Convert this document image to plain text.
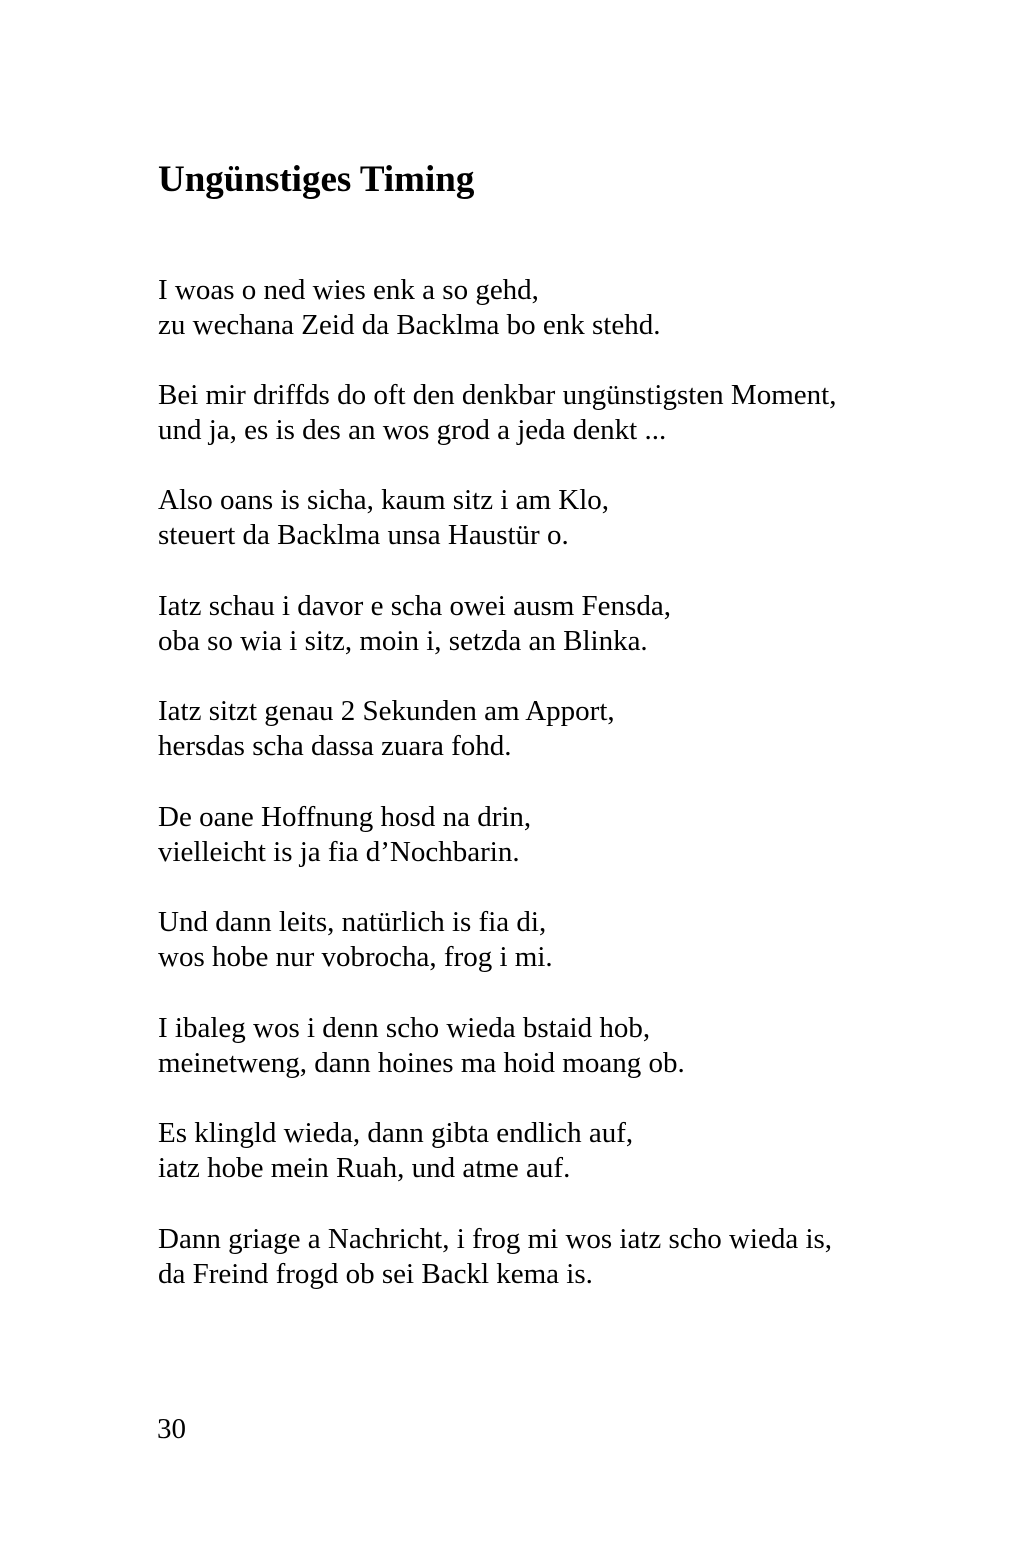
Ungünstiges Timing

I woas o ned wies enk a so gehd,
zu wechana Zeid da Backlma bo enk stehd.

Bei mir driffds do oft den denkbar ungünstigsten Moment,
und ja, es is des an wos grod a jeda denkt ...

Also oans is sicha, kaum sitz i am Klo,
steuert da Backlma unsa Haustür o.

Iatz schau i davor e scha owei ausm Fensda,
oba so wia i sitz, moin i, setzda an Blinka.

Iatz sitzt genau 2 Sekunden am Apport,
hersdas scha dassa zuara fohd.

De oane Hoffnung hosd na drin,
vielleicht is ja fia d’Nochbarin.

Und dann leits, natürlich is fia di,
wos hobe nur vobrocha, frog i mi.

I ibaleg wos i denn scho wieda bstaid hob,
meinetweng, dann hoines ma hoid moang ob.

Es klingld wieda, dann gibta endlich auf,
iatz hobe mein Ruah, und atme auf.

Dann griage a Nachricht, i frog mi wos iatz scho wieda is,
da Freind frogd ob sei Backl kema is.

30
